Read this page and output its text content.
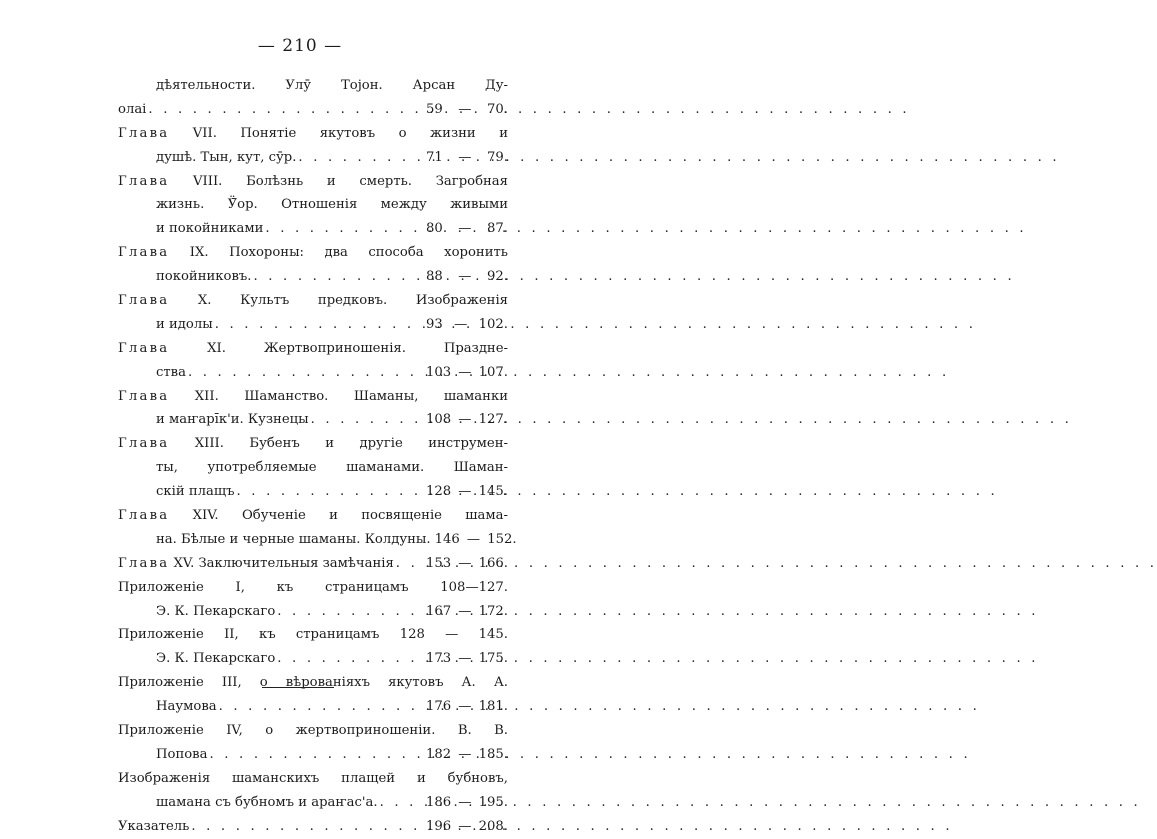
— 210 —
дѣятельности. Улӯ Тојон. Арсан Ду-
олаі . . .	59 — 70.
Глава VII. Понятіе якутовъ о жизни и
душѣ. Тын, кут, сӯр. . . .	71 — 79.
Глава VIII. Болѣзнь и смерть. Загробная
жизнь. Ӱ̄ор. Отношенія между живыми
и покойниками . . .	80 — 87.
Глава IX. Похороны: два способа хоронить
покойниковъ. . . .	88 — 92.
Глава X. Культъ предковъ. Изображенія
и идолы . . .	93 — 102.
Глава	XI. Жертвоприношенія. Праздне-
ства . . .	103 — 107.
Глава XII. Шаманство. Шаманы, шаманки
и маҥарі̄к'и. Кузнецы . . .	108 — 127.
Глава XIII. Бубенъ и другіе инструмен-
ты, употребляемые шаманами. Шаман-
скій плащъ . . .	128 — 145.
Глава XIV. Обученіе и посвященіе шама-
на. Бѣлые и черные шаманы. Колдуны. 146 — 152.
Глава XV. Заключительныя замѣчанія . . . 153 — 166.
Приложеніе I, къ страницамъ 108—127.
Э. К. Пекарскаго . . .	167 — 172.
Приложеніе II, къ страницамъ 128 — 145.
Э. К. Пекарскаго . . .	173 — 175.
Приложеніе III, о вѣрованіяхъ якутовъ А. А.
Наумова . . .	176 — 181.
Приложеніе IV, о жертвоприношеніи. В. В.
Попова . . .	182 — 185.
Изображенія шаманскихъ плащей и бубновъ,
шамана съ бубномъ и араҥас'а. . . .	186 — 195.
Указатель . . .	196 — 208.
